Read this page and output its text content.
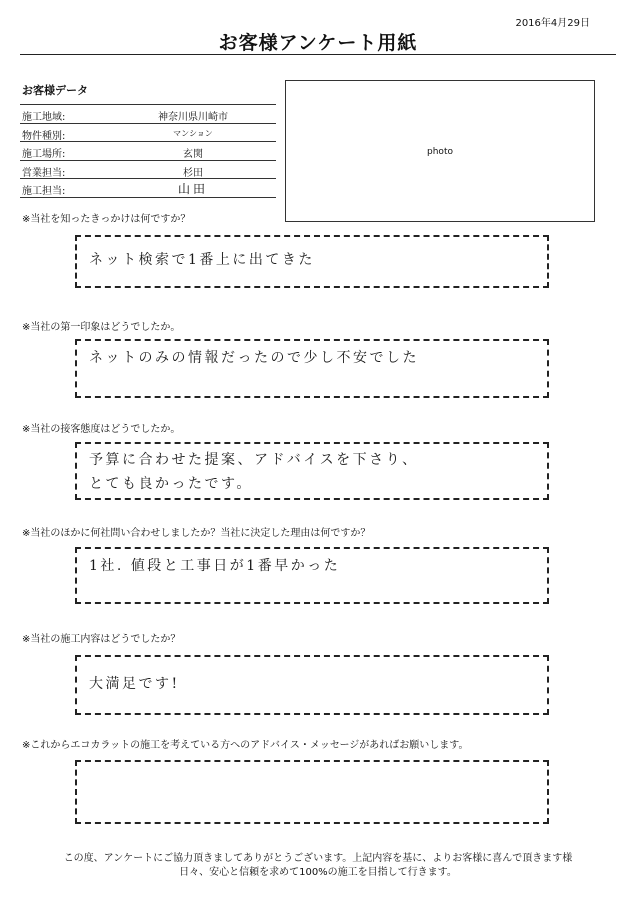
2016年4月29日
お客様アンケート用紙
お客様データ
施工地域:	神奈川県川崎市
物件種別:	マンション
施工場所:	玄関
営業担当:	杉田
施工担当:	山田
photo
※当社を知ったきっかけは何ですか？
ネット検索で1番上に出てきた
※当社の第一印象はどうでしたか。
ネットのみの情報だったので少し不安でした
※当社の接客態度はどうでしたか。
予算に合わせた提案、アドバイスを下さり、
とても良かったです。
※当社のほかに何社問い合わせしましたか？当社に決定した理由は何ですか？
1社. 値段と工事日が1番早かった
※当社の施工内容はどうでしたか？
大満足です!
※これからエコカラットの施工を考えている方へのアドバイス・メッセージがあればお願いします。
この度、アンケートにご協力頂きましてありがとうございます。上記内容を基に、よりお客様に喜んで頂きます様
日々、安心と信頼を求めて100%の施工を目指して行きます。
